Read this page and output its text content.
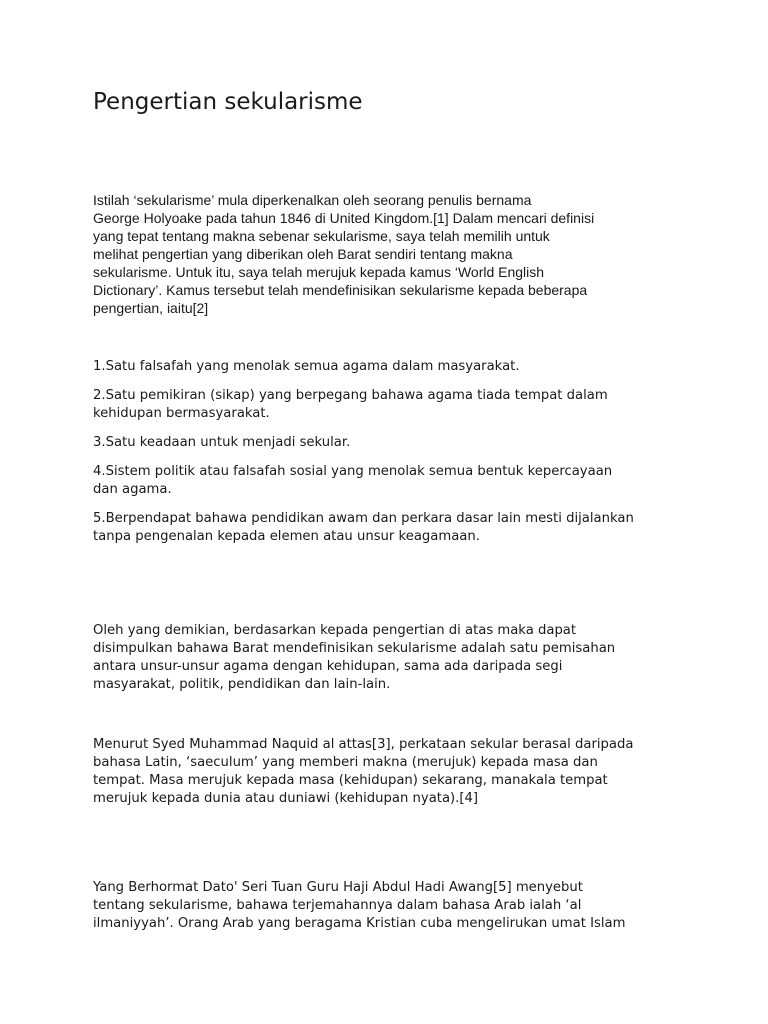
Pengertian sekularisme

Istilah ‘sekularisme’ mula diperkenalkan oleh seorang penulis bernama
George Holyoake pada tahun 1846 di United Kingdom.[1] Dalam mencari definisi
yang tepat tentang makna sebenar sekularisme, saya telah memilih untuk
melihat pengertian yang diberikan oleh Barat sendiri tentang makna
sekularisme. Untuk itu, saya telah merujuk kepada kamus ‘World English
Dictionary’. Kamus tersebut telah mendefinisikan sekularisme kepada beberapa
pengertian, iaitu[2]

1.Satu falsafah yang menolak semua agama dalam masyarakat.

2.Satu pemikiran (sikap) yang berpegang bahawa agama tiada tempat dalam
kehidupan bermasyarakat.

3.Satu keadaan untuk menjadi sekular.

4.Sistem politik atau falsafah sosial yang menolak semua bentuk kepercayaan
dan agama.

5.Berpendapat bahawa pendidikan awam dan perkara dasar lain mesti dijalankan
tanpa pengenalan kepada elemen atau unsur keagamaan.

Oleh yang demikian, berdasarkan kepada pengertian di atas maka dapat
disimpulkan bahawa Barat mendefinisikan sekularisme adalah satu pemisahan
antara unsur-unsur agama dengan kehidupan, sama ada daripada segi
masyarakat, politik, pendidikan dan lain-lain.

Menurut Syed Muhammad Naquid al attas[3], perkataan sekular berasal daripada
bahasa Latin, ‘saeculum’ yang memberi makna (merujuk) kepada masa dan
tempat. Masa merujuk kepada masa (kehidupan) sekarang, manakala tempat
merujuk kepada dunia atau duniawi (kehidupan nyata).[4]

Yang Berhormat Dato' Seri Tuan Guru Haji Abdul Hadi Awang[5] menyebut
tentang sekularisme, bahawa terjemahannya dalam bahasa Arab ialah ‘al
ilmaniyyah’. Orang Arab yang beragama Kristian cuba mengelirukan umat Islam
